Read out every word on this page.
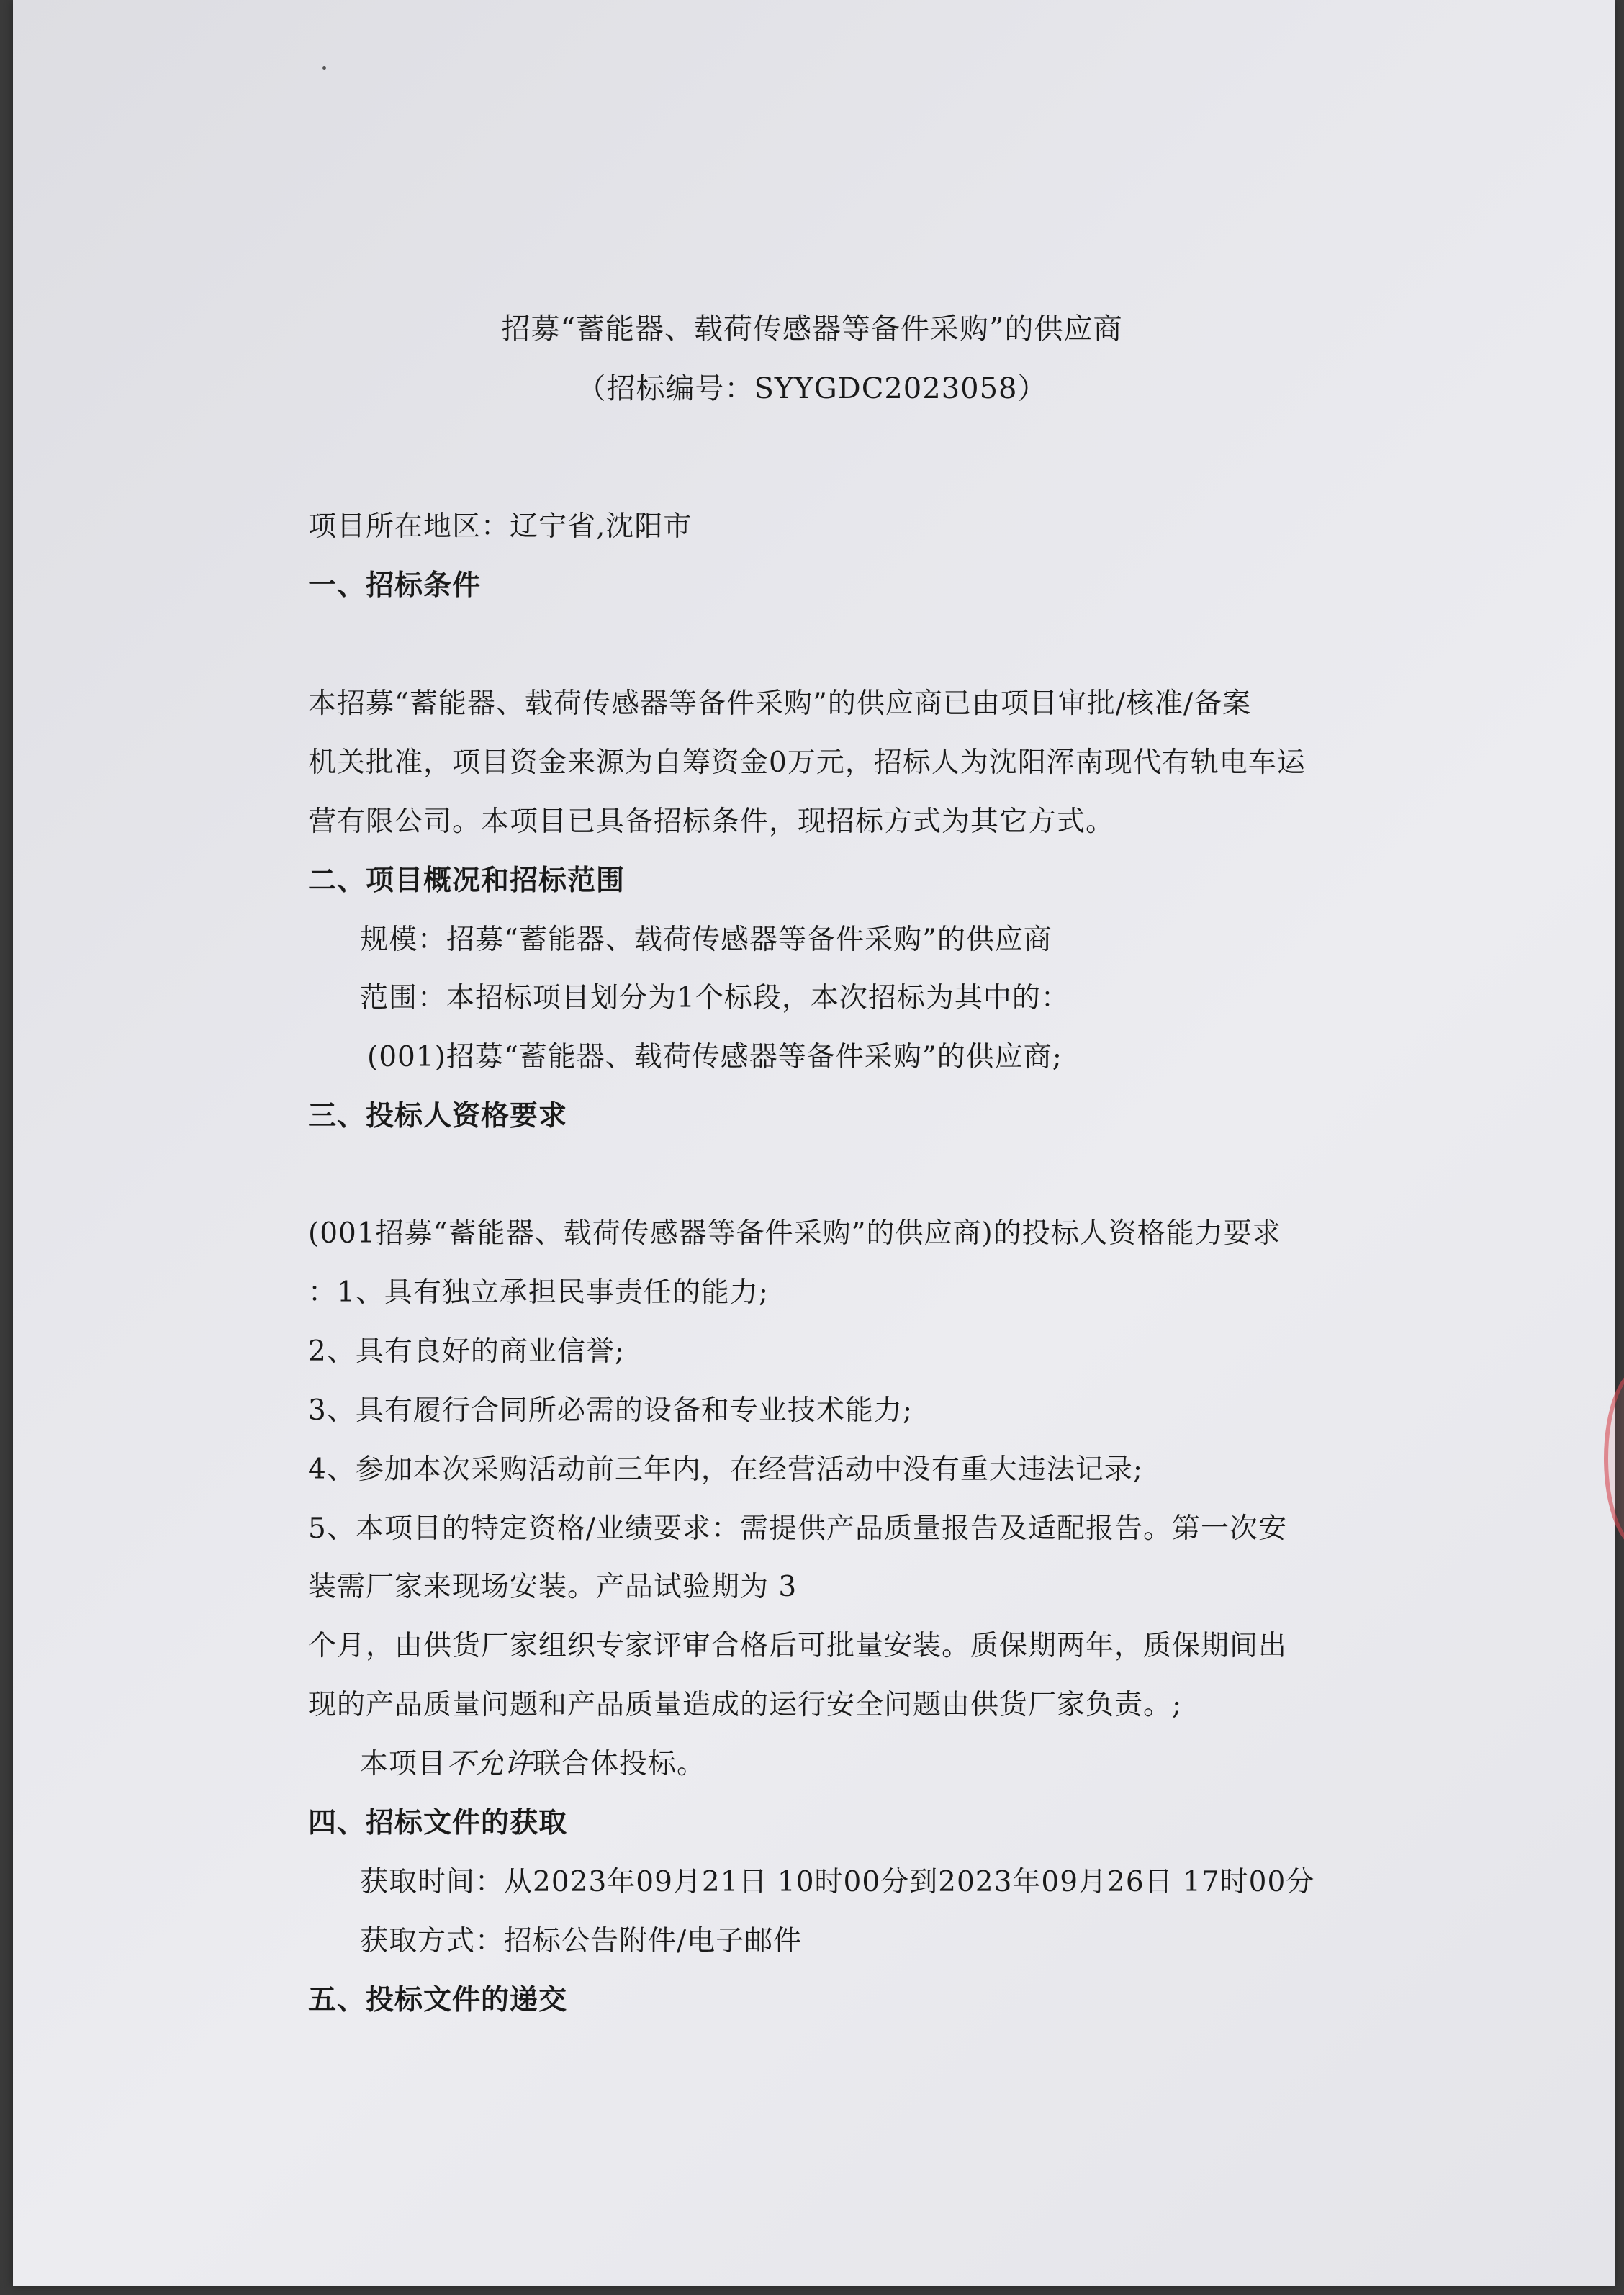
招募“蓄能器、载荷传感器等备件采购”的供应商
（招标编号：SYYGDC2023058）
项目所在地区：辽宁省,沈阳市
一、招标条件
本招募“蓄能器、载荷传感器等备件采购”的供应商已由项目审批/核准/备案
机关批准，项目资金来源为自筹资金0万元，招标人为沈阳浑南现代有轨电车运
营有限公司。本项目已具备招标条件，现招标方式为其它方式。
二、项目概况和招标范围
规模：招募“蓄能器、载荷传感器等备件采购”的供应商
范围：本招标项目划分为1个标段，本次招标为其中的：
(001)招募“蓄能器、载荷传感器等备件采购”的供应商;
三、投标人资格要求
(001招募“蓄能器、载荷传感器等备件采购”的供应商)的投标人资格能力要求
：1、具有独立承担民事责任的能力;
2、具有良好的商业信誉;
3、具有履行合同所必需的设备和专业技术能力;
4、参加本次采购活动前三年内，在经营活动中没有重大违法记录;
5、本项目的特定资格/业绩要求：需提供产品质量报告及适配报告。第一次安
装需厂家来现场安装。产品试验期为 3
个月，由供货厂家组织专家评审合格后可批量安装。质保期两年，质保期间出
现的产品质量问题和产品质量造成的运行安全问题由供货厂家负责。;
本项目不允许联合体投标。
四、招标文件的获取
获取时间：从2023年09月21日 10时00分到2023年09月26日 17时00分
获取方式：招标公告附件/电子邮件
五、投标文件的递交
